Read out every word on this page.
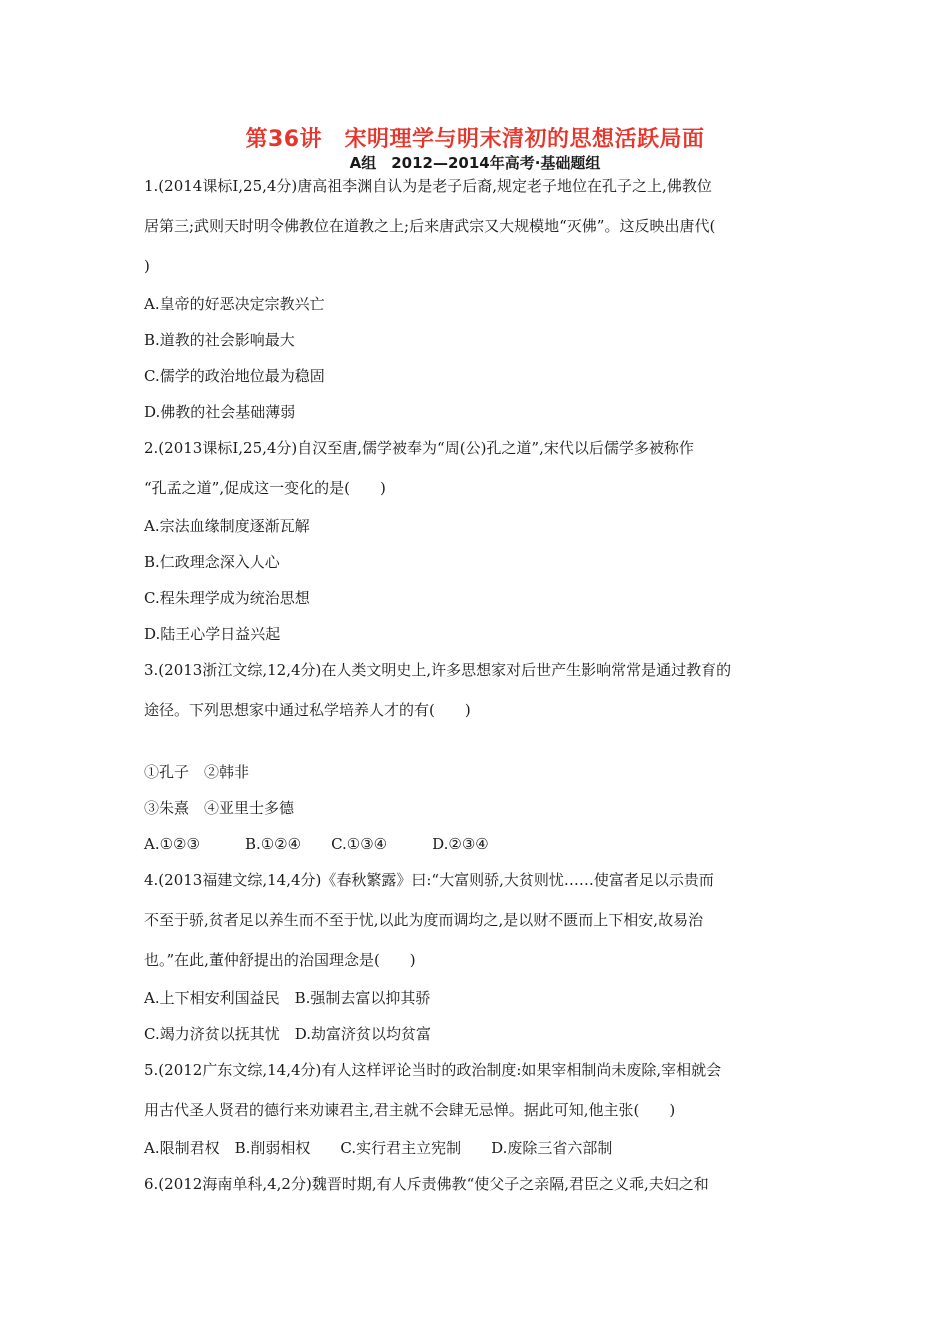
第36讲　宋明理学与明末清初的思想活跃局面
A组　2012—2014年高考·基础题组
1.(2014课标Ⅰ,25,4分)唐高祖李渊自认为是老子后裔,规定老子地位在孔子之上,佛教位
居第三;武则天时明令佛教位在道教之上;后来唐武宗又大规模地“灭佛”。这反映出唐代(
)
A.皇帝的好恶决定宗教兴亡
B.道教的社会影响最大
C.儒学的政治地位最为稳固
D.佛教的社会基础薄弱
2.(2013课标Ⅰ,25,4分)自汉至唐,儒学被奉为“周(公)孔之道”,宋代以后儒学多被称作
“孔孟之道”,促成这一变化的是(　　)
A.宗法血缘制度逐渐瓦解
B.仁政理念深入人心
C.程朱理学成为统治思想
D.陆王心学日益兴起
3.(2013浙江文综,12,4分)在人类文明史上,许多思想家对后世产生影响常常是通过教育的
途径。下列思想家中通过私学培养人才的有(　　)
①孔子　②韩非
③朱熹　④亚里士多德
A.①②③　　　B.①②④　　C.①③④　　　D.②③④
4.(2013福建文综,14,4分)《春秋繁露》曰:“大富则骄,大贫则忧……使富者足以示贵而
不至于骄,贫者足以养生而不至于忧,以此为度而调均之,是以财不匮而上下相安,故易治
也。”在此,董仲舒提出的治国理念是(　　)
A.上下相安利国益民　B.强制去富以抑其骄
C.竭力济贫以抚其忧　D.劫富济贫以均贫富
5.(2012广东文综,14,4分)有人这样评论当时的政治制度:如果宰相制尚未废除,宰相就会
用古代圣人贤君的德行来劝谏君主,君主就不会肆无忌惮。据此可知,他主张(　　)
A.限制君权　B.削弱相权　　C.实行君主立宪制　　D.废除三省六部制
6.(2012海南单科,4,2分)魏晋时期,有人斥责佛教“使父子之亲隔,君臣之义乖,夫妇之和
